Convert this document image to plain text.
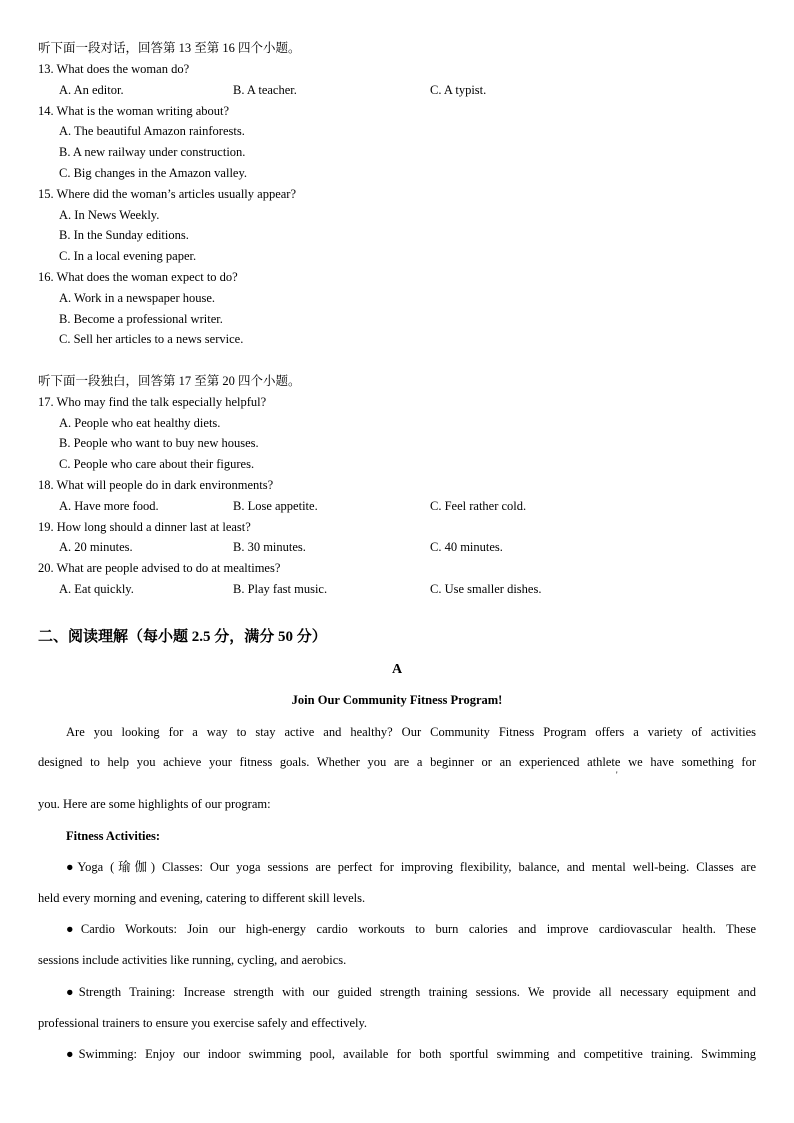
听下面一段对话，回答第 13 至第 16 四个小题。
13. What does the woman do?
A. An editor.	B. A teacher.	C. A typist.
14. What is the woman writing about?
A. The beautiful Amazon rainforests.
B. A new railway under construction.
C. Big changes in the Amazon valley.
15. Where did the woman’s articles usually appear?
A. In News Weekly.
B. In the Sunday editions.
C. In a local evening paper.
16. What does the woman expect to do?
A. Work in a newspaper house.
B. Become a professional writer.
C. Sell her articles to a news service.
听下面一段独白，回答第 17 至第 20 四个小题。
17. Who may find the talk especially helpful?
A. People who eat healthy diets.
B. People who want to buy new houses.
C. People who care about their figures.
18. What will people do in dark environments?
A. Have more food.	B. Lose appetite.	C. Feel rather cold.
19. How long should a dinner last at least?
A. 20 minutes.	B. 30 minutes.	C. 40 minutes.
20. What are people advised to do at mealtimes?
A. Eat quickly.	B. Play fast music.	C. Use smaller dishes.
二、阅读理解（每小题 2.5 分，满分 50 分）
A
Join Our Community Fitness Program!
Are you looking for a way to stay active and healthy? Our Community Fitness Program offers a variety of activities
designed to help you achieve your fitness goals. Whether you are a beginner or an experienced athlete we have something for
'
you. Here are some highlights of our program:
Fitness Activities:
●Yoga (瑜伽) Classes: Our yoga sessions are perfect for improving flexibility, balance, and mental well-being. Classes are
held every morning and evening, catering to different skill levels.
●Cardio Workouts: Join our high-energy cardio workouts to burn calories and improve cardiovascular health. These
sessions include activities like running, cycling, and aerobics.
●Strength Training: Increase strength with our guided strength training sessions. We provide all necessary equipment and
professional trainers to ensure you exercise safely and effectively.
●Swimming: Enjoy our indoor swimming pool, available for both sportful swimming and competitive training. Swimming
